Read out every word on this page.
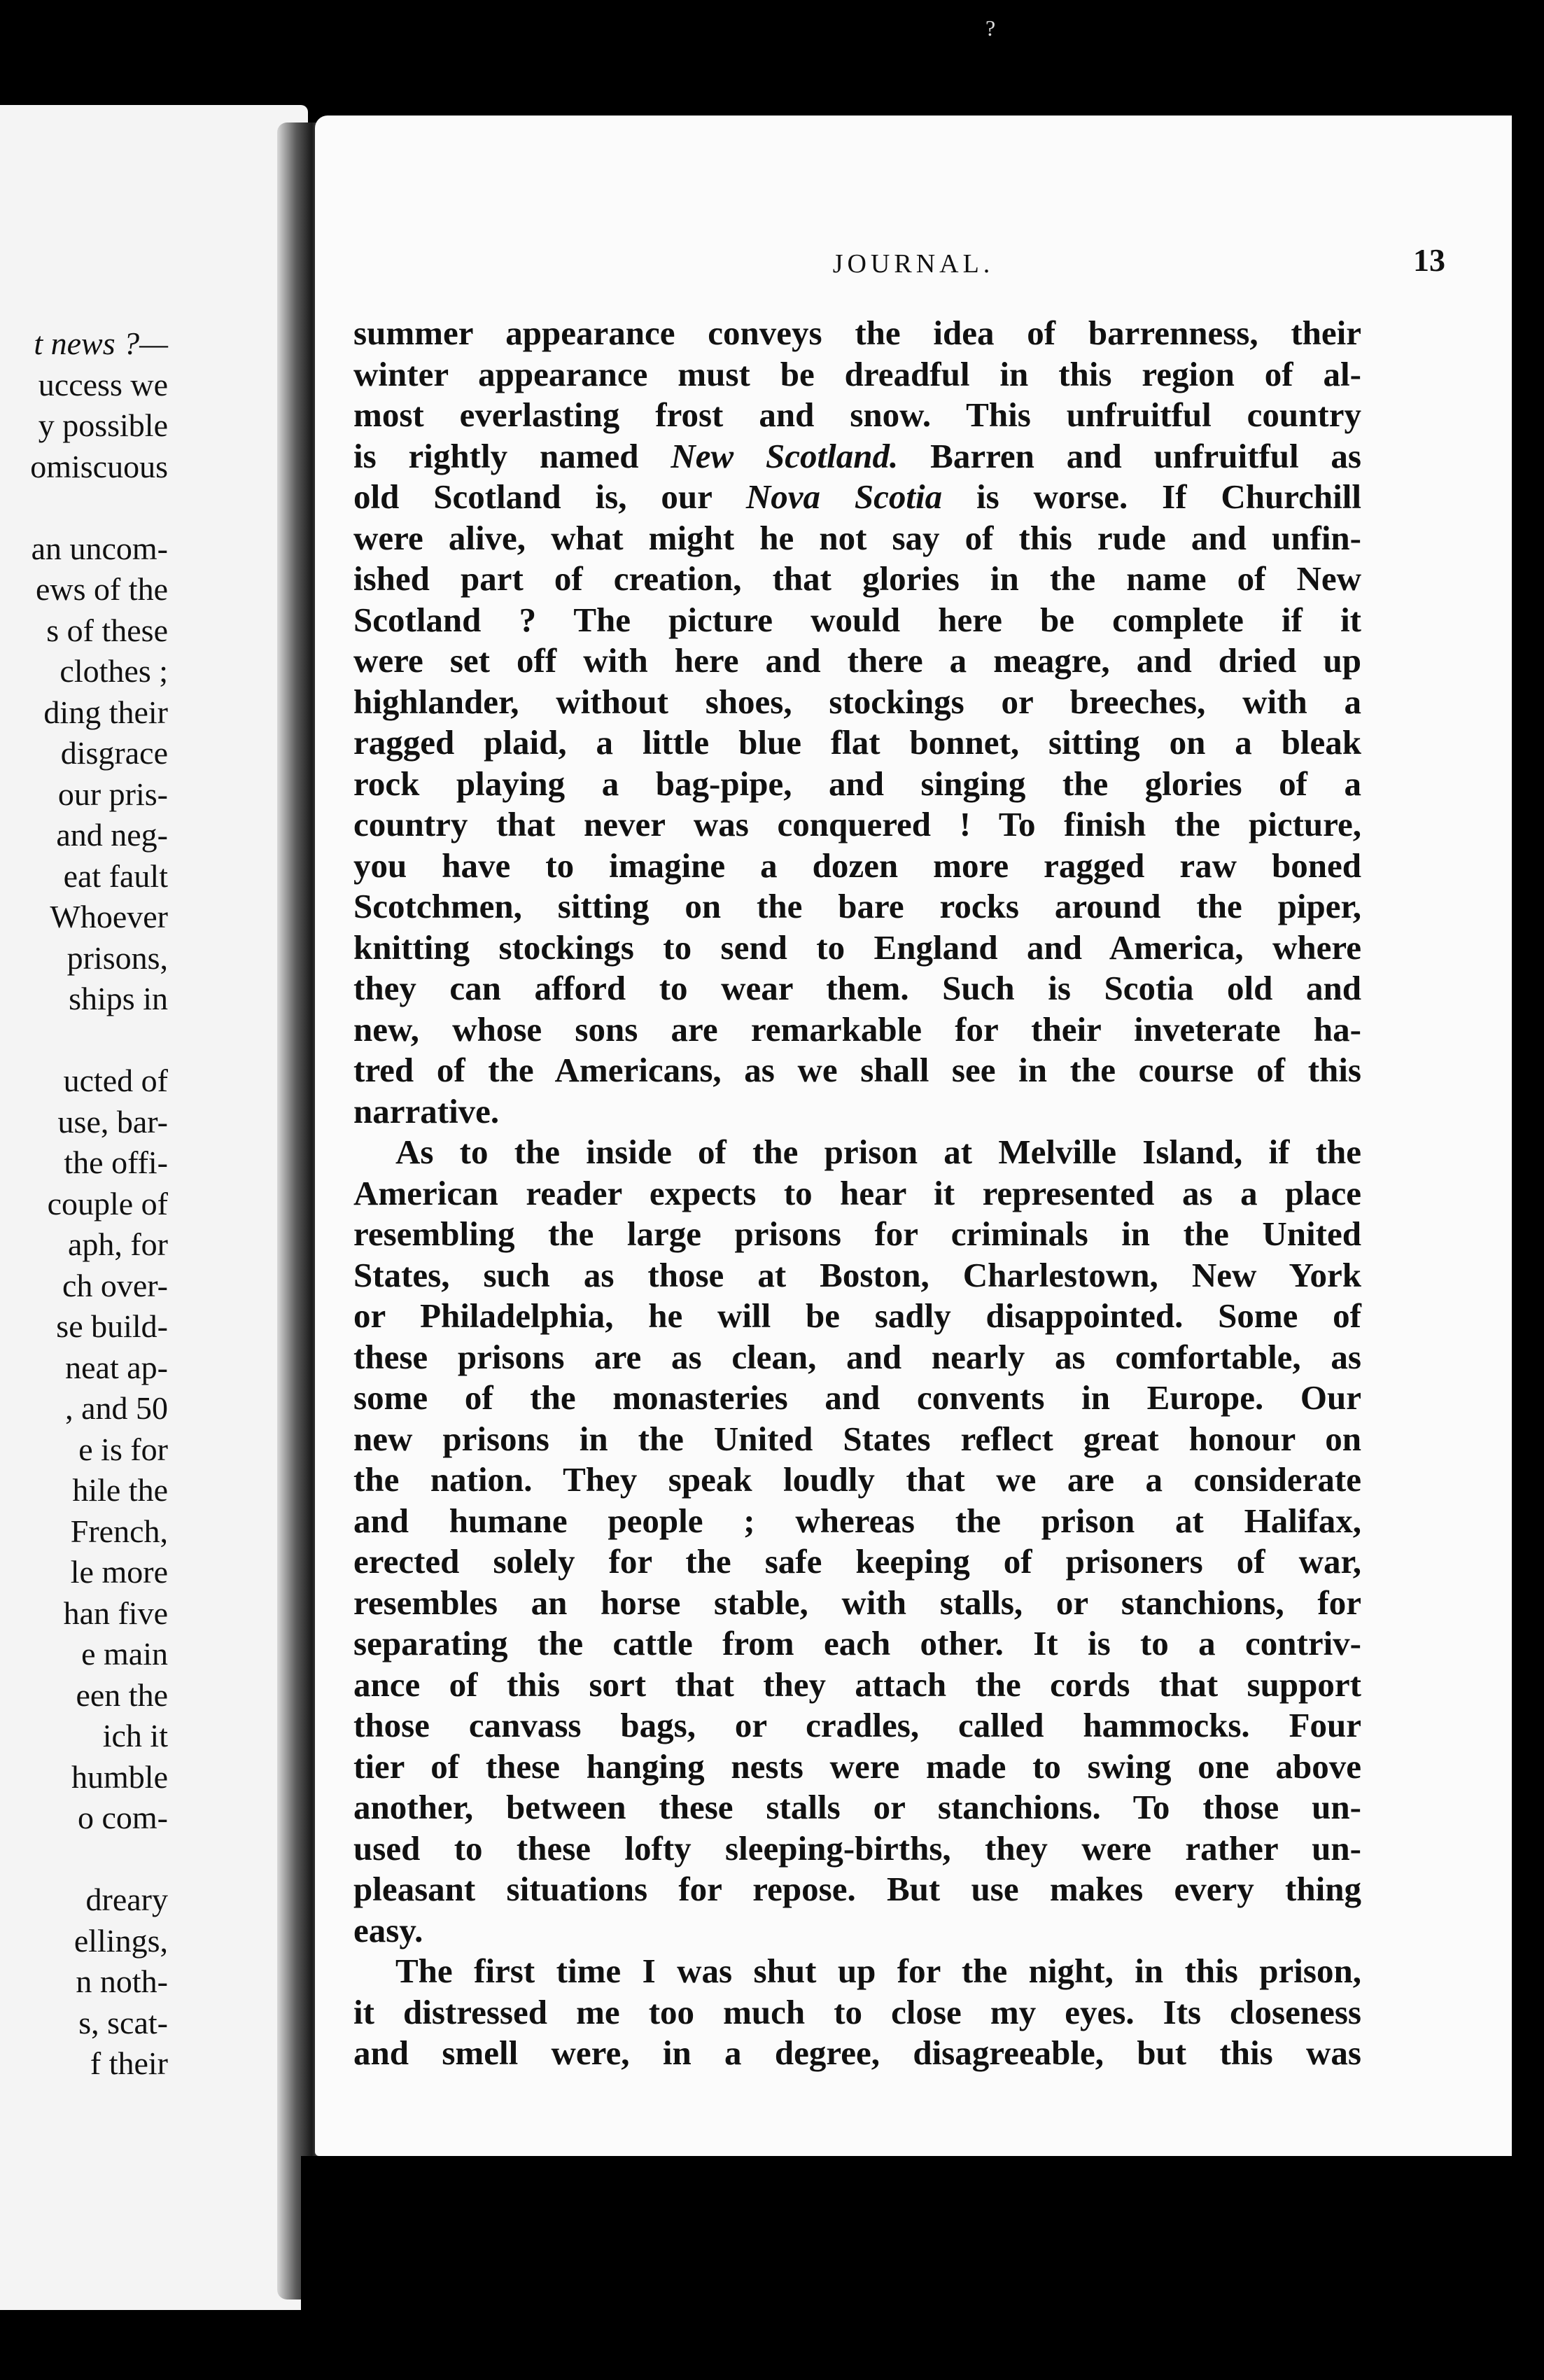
?
t news ?—
uccess we
y possible
omiscuous
an uncom-
ews of the
s of these
clothes ;
ding their
disgrace
our pris-
and neg-
eat fault
Whoever
prisons,
ships in
ucted of
use, bar-
the offi-
couple of
aph, for
ch over-
se build-
neat ap-
, and 50
e is for
hile the
French,
le more
han five
e main
een the
ich it
humble
o com-
dreary
ellings,
n noth-
s, scat-
f their
JOURNAL.	13
summer appearance conveys the idea of barrenness, their
winter appearance must be dreadful in this region of al-
most everlasting frost and snow. This unfruitful country
is rightly named New Scotland. Barren and unfruitful as
old Scotland is, our Nova Scotia is worse. If Churchill
were alive, what might he not say of this rude and unfin-
ished part of creation, that glories in the name of New
Scotland ? The picture would here be complete if it
were set off with here and there a meagre, and dried up
highlander, without shoes, stockings or breeches, with a
ragged plaid, a little blue flat bonnet, sitting on a bleak
rock playing a bag-pipe, and singing the glories of a
country that never was conquered ! To finish the picture,
you have to imagine a dozen more ragged raw boned
Scotchmen, sitting on the bare rocks around the piper,
knitting stockings to send to England and America, where
they can afford to wear them. Such is Scotia old and
new, whose sons are remarkable for their inveterate ha-
tred of the Americans, as we shall see in the course of this
narrative.
As to the inside of the prison at Melville Island, if the
American reader expects to hear it represented as a place
resembling the large prisons for criminals in the United
States, such as those at Boston, Charlestown, New York
or Philadelphia, he will be sadly disappointed. Some of
these prisons are as clean, and nearly as comfortable, as
some of the monasteries and convents in Europe. Our
new prisons in the United States reflect great honour on
the nation. They speak loudly that we are a considerate
and humane people ; whereas the prison at Halifax,
erected solely for the safe keeping of prisoners of war,
resembles an horse stable, with stalls, or stanchions, for
separating the cattle from each other. It is to a contriv-
ance of this sort that they attach the cords that support
those canvass bags, or cradles, called hammocks. Four
tier of these hanging nests were made to swing one above
another, between these stalls or stanchions. To those un-
used to these lofty sleeping-births, they were rather un-
pleasant situations for repose. But use makes every thing
easy.
The first time I was shut up for the night, in this prison,
it distressed me too much to close my eyes. Its closeness
and smell were, in a degree, disagreeable, but this was
